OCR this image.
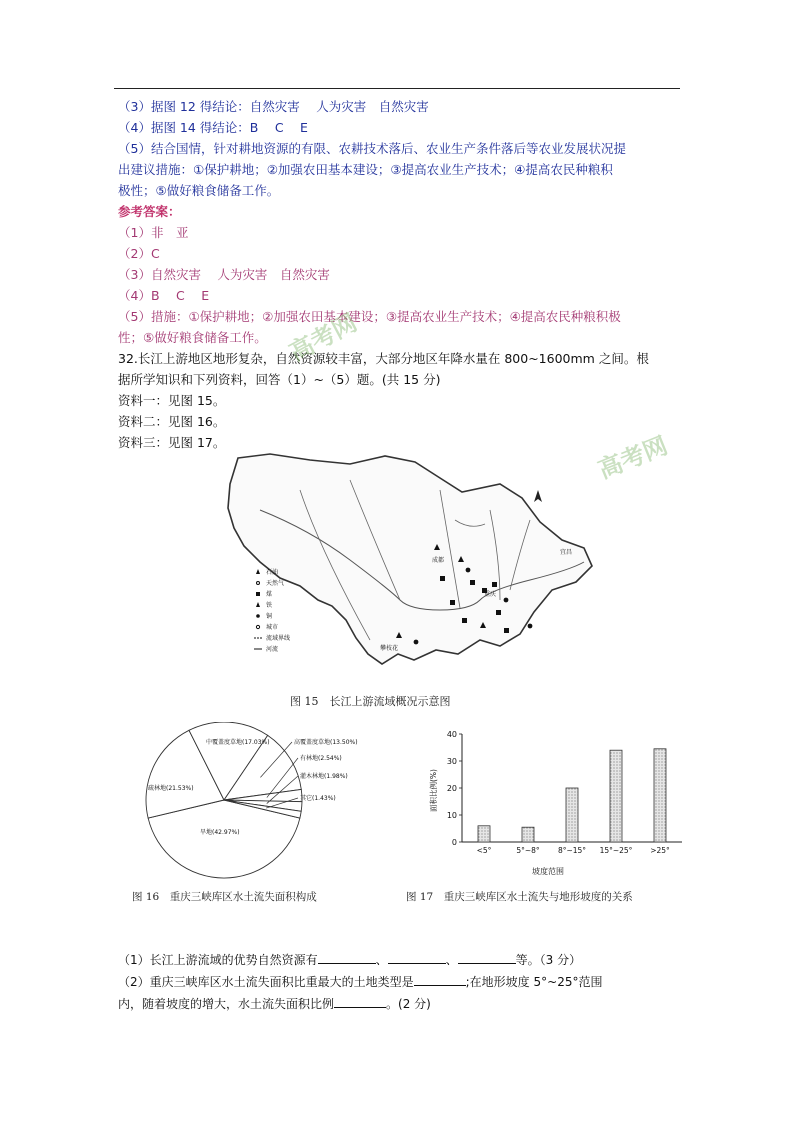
（3）据图 12 得结论：自然灾害　 人为灾害　自然灾害
（4）据图 14 得结论：B　 C　 E
（5）结合国情，针对耕地资源的有限、农耕技术落后、农业生产条件落后等农业发展状况提
出建议措施：①保护耕地；②加强农田基本建设；③提高农业生产技术；④提高农民种粮积
极性；⑤做好粮食储备工作。
参考答案：
（1）非　亚
（2）C
（3）自然灾害　 人为灾害　自然灾害
（4）B　 C　 E
（5）措施：①保护耕地；②加强农田基本建设；③提高农业生产技术；④提高农民种粮积极
性；⑤做好粮食储备工作。
32.长江上游地区地形复杂，自然资源较丰富，大部分地区年降水量在 800~1600mm 之间。根
据所学知识和下列资料，回答（1）~（5）题。(共 15 分)
资料一：见图 15。
资料二：见图 16。
资料三：见图 17。
高考网
高考网
成都
重庆
攀枝花
宜昌
石油
天然气
煤
铁
铜
城市
流域界线
河流
图 15　长江上游流域概况示意图
旱地(42.97%)
疏林地(21.53%)
中覆盖度草地(17.03%)	高覆盖度草地(13.50%)
有林地(2.54%)
灌木林地(1.98%)
其它(1.43%)
图 16　重庆三峡库区水土流失面积构成
0
10
20
30
40
<5°	5°~8° 8°~15° 15°~25° >25°
面积比例(%)
坡度范围
图 17　重庆三峡库区水土流失与地形坡度的关系
（1）长江上游流域的优势自然资源有	、	、	等。（3 分）
（2）重庆三峡库区水土流失面积比重最大的土地类型是	;在地形坡度 5°~25°范围
内，随着坡度的增大，水土流失面积比例	。(2 分)
